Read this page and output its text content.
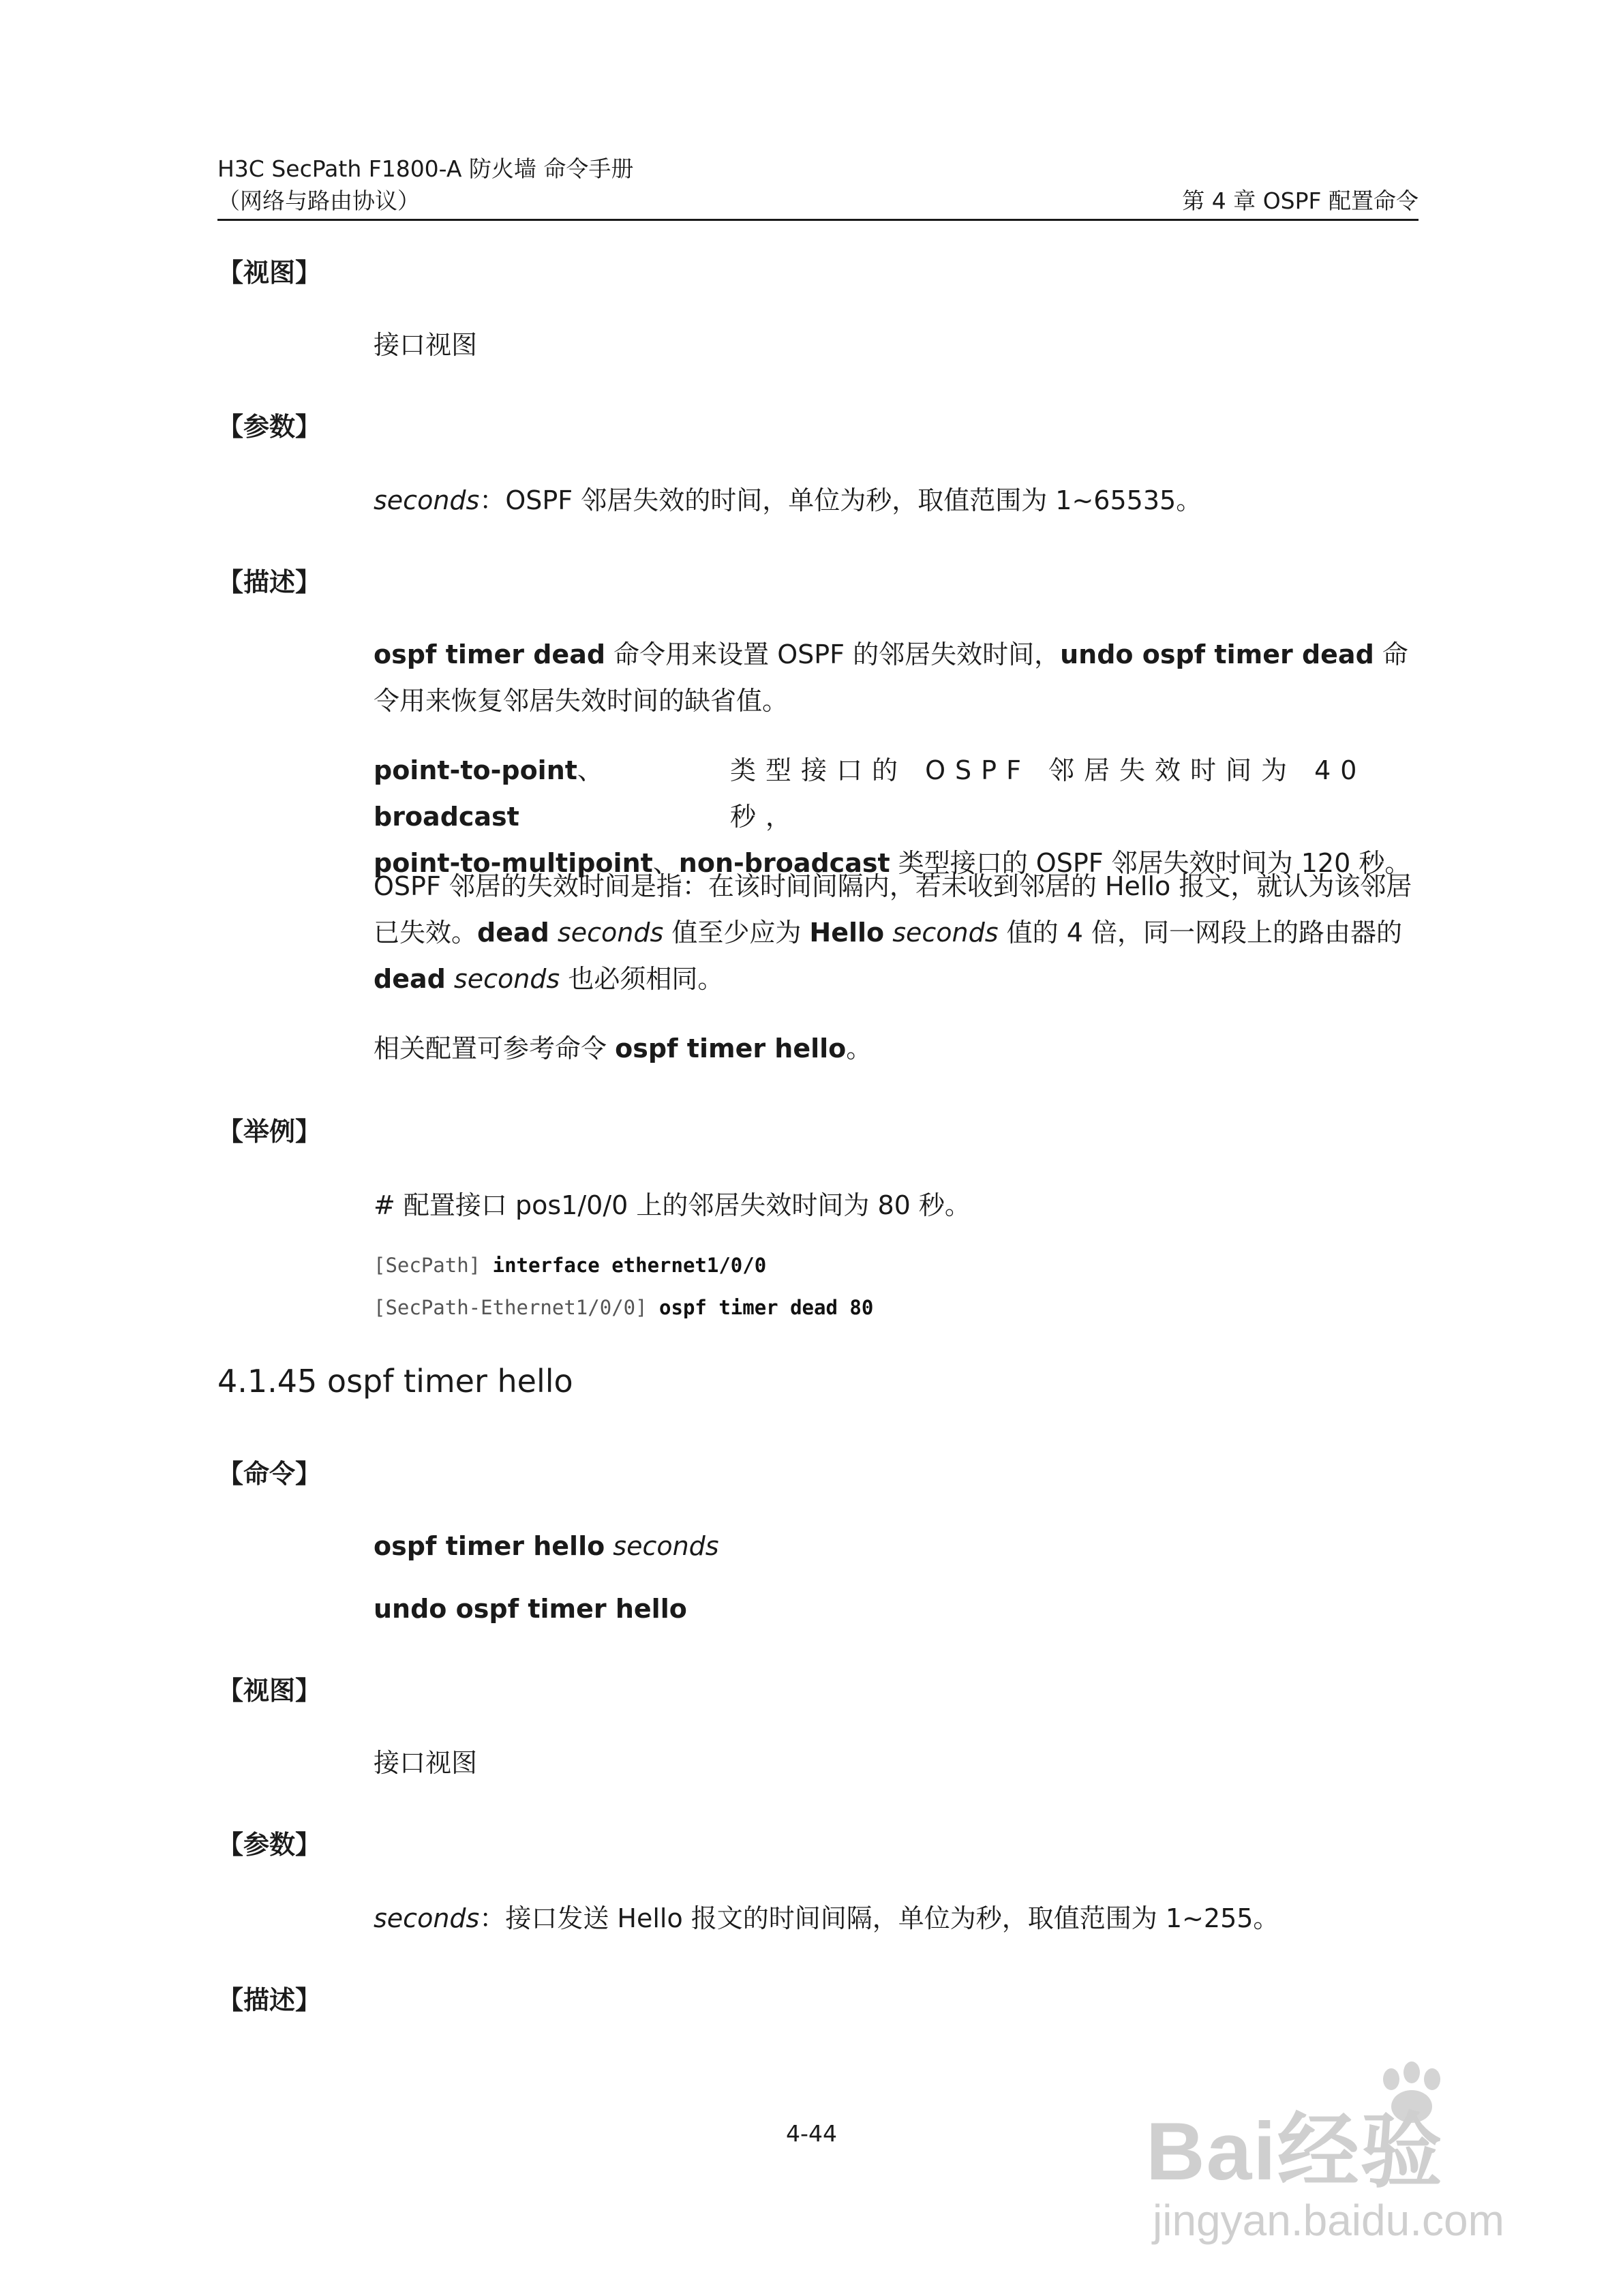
H3C SecPath F1800-A 防火墙 命令手册
（网络与路由协议）	第 4 章 OSPF 配置命令
【视图】
接口视图
【参数】
seconds：OSPF 邻居失效的时间，单位为秒，取值范围为 1~65535。
【描述】
ospf timer dead 命令用来设置 OSPF 的邻居失效时间，undo ospf timer dead 命令用来恢复邻居失效时间的缺省值。
point-to-point、broadcast
类型接口的 OSPF 邻居失效时间为 40 秒，
point-to-multipoint、non-broadcast 类型接口的 OSPF 邻居失效时间为 120 秒。
OSPF 邻居的失效时间是指：在该时间间隔内，若未收到邻居的 Hello 报文，就认为该邻居已失效。dead seconds 值至少应为 Hello seconds 值的 4 倍，同一网段上的路由器的 dead seconds 也必须相同。
相关配置可参考命令 ospf timer hello。
【举例】
# 配置接口 pos1/0/0 上的邻居失效时间为 80 秒。
[SecPath] interface ethernet1/0/0
[SecPath-Ethernet1/0/0] ospf timer dead 80
4.1.45 ospf timer hello
【命令】
ospf timer hello seconds
undo ospf timer hello
【视图】
接口视图
【参数】
seconds：接口发送 Hello 报文的时间间隔，单位为秒，取值范围为 1~255。
【描述】
4-44	Bai经验
jingyan.baidu.com
